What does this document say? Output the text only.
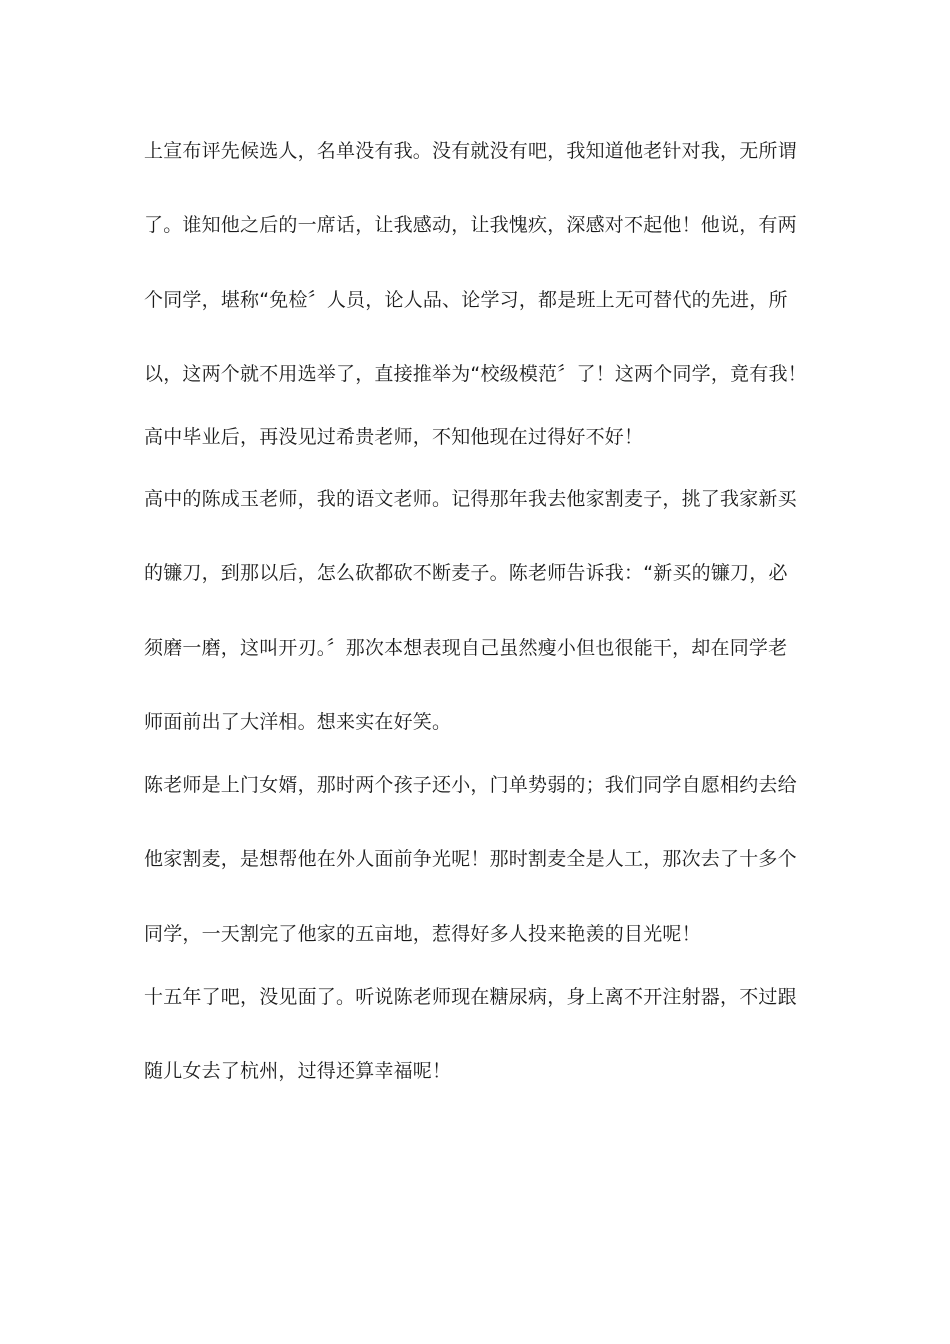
上宣布评先候选人，名单没有我。没有就没有吧，我知道他老针对我，无所谓

了。谁知他之后的一席话，让我感动，让我愧疚，深感对不起他！他说，有两

个同学，堪称“免检〞人员，论人品、论学习，都是班上无可替代的先进，所

以，这两个就不用选举了，直接推举为“校级模范〞了！这两个同学，竟有我！

高中毕业后，再没见过希贵老师，不知他现在过得好不好！

高中的陈成玉老师，我的语文老师。记得那年我去他家割麦子，挑了我家新买

的镰刀，到那以后，怎么砍都砍不断麦子。陈老师告诉我：“新买的镰刀，必

须磨一磨，这叫开刃。〞那次本想表现自己虽然瘦小但也很能干，却在同学老

师面前出了大洋相。想来实在好笑。

陈老师是上门女婿，那时两个孩子还小，门单势弱的；我们同学自愿相约去给

他家割麦，是想帮他在外人面前争光呢！那时割麦全是人工，那次去了十多个

同学，一天割完了他家的五亩地，惹得好多人投来艳羡的目光呢！

十五年了吧，没见面了。听说陈老师现在糖尿病，身上离不开注射器，不过跟

随儿女去了杭州，过得还算幸福呢！
